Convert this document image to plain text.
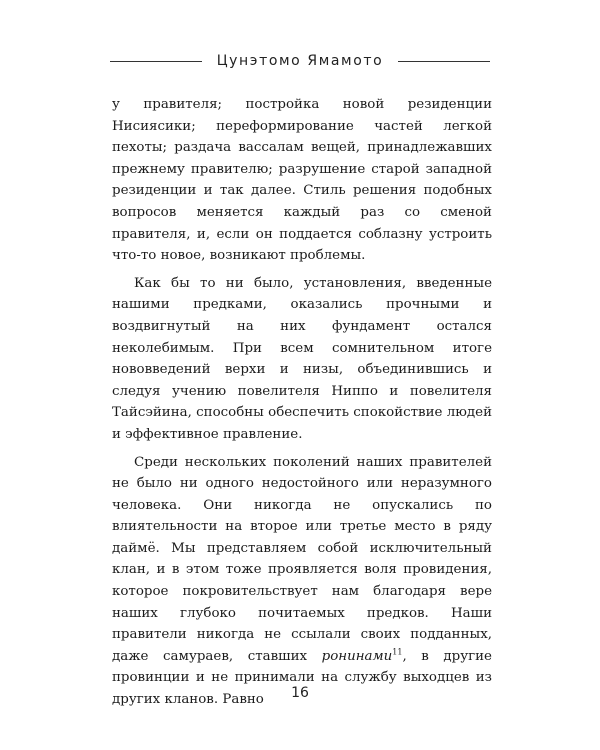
Цунэтомо Ямамото

у правителя; постройка новой резиденции Нисиясики; переформирование частей легкой пехоты; раздача вассалам вещей, принадлежавших прежнему правителю; разрушение старой западной резиденции и так далее. Стиль решения подобных вопросов меняется каждый раз со сменой правителя, и, если он поддается соблазну устроить что-то новое, возникают проблемы.

Как бы то ни было, установления, введенные нашими предками, оказались прочными и воздвигнутый на них фундамент остался неколебимым. При всем сомнительном итоге нововведений верхи и низы, объединившись и следуя учению повелителя Ниппо и повелителя Тайсэйина, способны обеспечить спокойствие людей и эффективное правление.

Среди нескольких поколений наших правителей не было ни одного недостойного или неразумного человека. Они никогда не опускались по влиятельности на второе или третье место в ряду даймё. Мы представляем собой исключительный клан, и в этом тоже проявляется воля провидения, которое покровительствует нам благодаря вере наших глубоко почитаемых предков. Наши правители никогда не ссылали своих подданных, даже самураев, ставших ронинами$^{11}$, в другие провинции и не принимали на службу выходцев из других кланов. Равно	16
